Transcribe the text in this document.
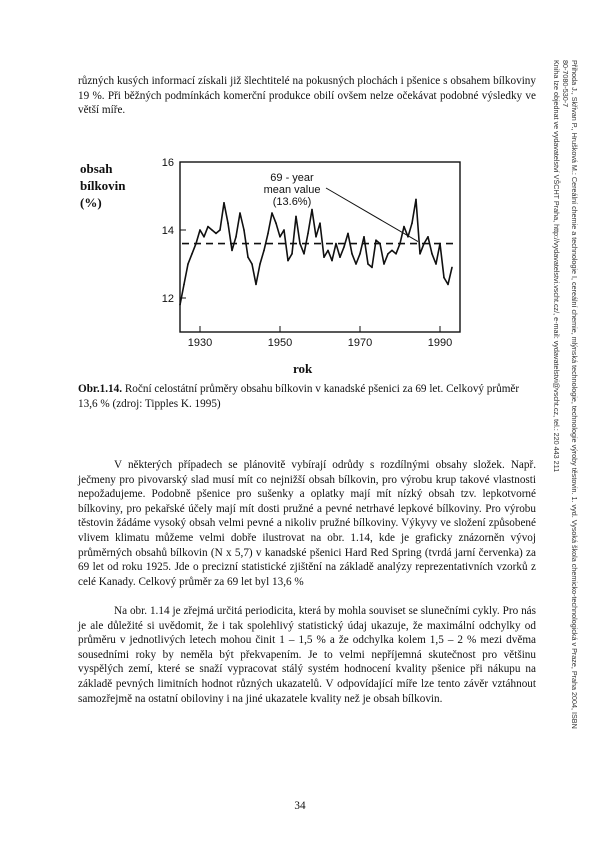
různých kusých informací získali již šlechtitelé na pokusných plochách i pšenice s obsahem bílkoviny 19 %. Při běžných podmínkách komerční produkce obilí ovšem nelze očekávat podobné výsledky ve větší míře.

obsah
bílkovin
(%)
12
14
16
1930	1950	1970	1990
69 - year
mean value
(13.6%)
rok

Obr.1.14. Roční celostátní průměry obsahu bílkovin v kanadské pšenici za 69 let. Celkový průměr 13,6 % (zdroj: Tipples K. 1995)

V některých případech se plánovitě vybírají odrůdy s rozdílnými obsahy složek. Např. ječmeny pro pivovarský slad musí mít co nejnižší obsah bílkovin, pro výrobu krup takové vlastnosti nepožadujeme. Podobně pšenice pro sušenky a oplatky mají mít nízký obsah tzv. lepkotvorné bílkoviny, pro pekařské účely mají mít dosti pružné a pevné netrhavé lepkové bílkoviny. Pro výrobu těstovin žádáme vysoký obsah velmi pevné a nikoliv pružné bílkoviny. Výkyvy ve složení způsobené vlivem klimatu můžeme velmi dobře ilustrovat na obr. 1.14, kde je graficky znázorněn vývoj průměrných obsahů bílkovin (N x 5,7) v kanadské pšenici Hard Red Spring (tvrdá jarní červenka) za 69 let od roku 1925. Jde o precizní statistické zjištění na základě analýzy reprezentativních vzorků z celé Kanady. Celkový průměr za 69 let byl 13,6 %

Na obr. 1.14 je zřejmá určitá periodicita, která by mohla souviset se slunečními cykly. Pro nás je ale důležité si uvědomit, že i tak spolehlivý statistický údaj ukazuje, že maximální odchylky od průměru v jednotlivých letech mohou činit 1 – 1,5 % a že odchylka kolem 1,5 – 2 % mezi dvěma sousedními roky by neměla být překvapením. Je to velmi nepříjemná skutečnost pro většinu vyspělých zemí, které se snaží vypracovat stálý systém hodnocení kvality pšenice při nákupu na základě pevných limitních hodnot různých ukazatelů. V odpovídající míře lze tento závěr vztáhnout samozřejmě na ostatní obiloviny i na jiné ukazatele kvality než je obsah bílkovin.

34
Příhoda J., Skřivan P., Hrušková M.: Cereální chemie a technologie I, cereální chemie, mlýnská technologie, technologie výroby těstovin. 1. vyd. Vysoká škola chemicko-technologická v Praze, Praha 2004, ISBN
80-7080-530-7
Kniha Ize objednat ve vydavatelství VŠCHT Praha, http://vydavatelstvi.vscht.cz/, e-mail: vydavatelstvi@vscht.cz, tel.: 220 443 211
